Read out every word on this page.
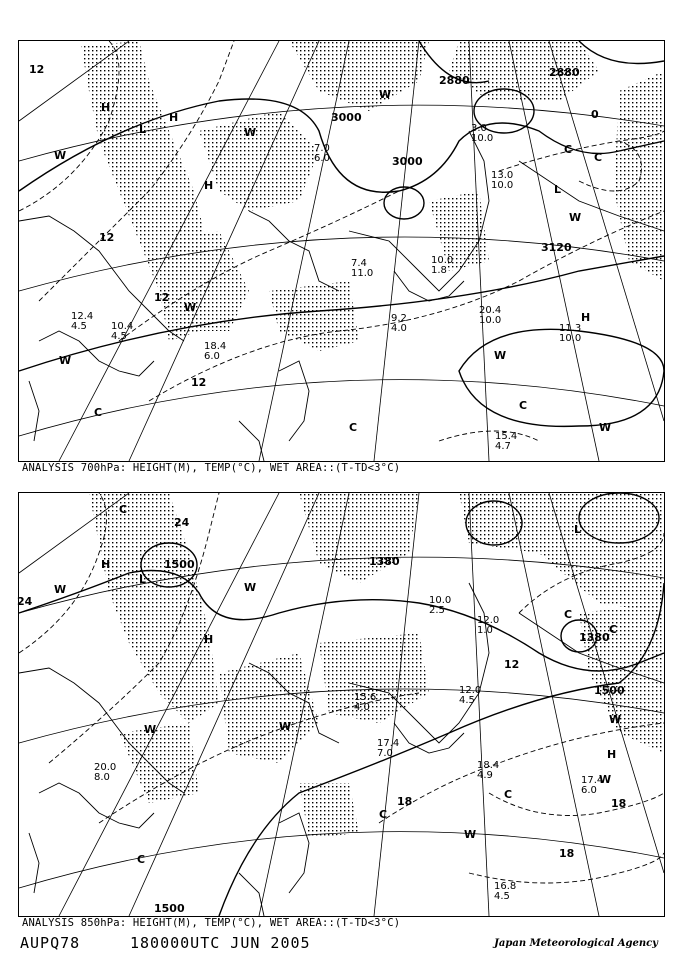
2880
2880
3000
3000
3120
12
12
12
12
0
W
W
W
W
W
W
W
W
C
C
C
C
C
L
L
H
H
H
H
20.4
10.0
11.3
10.0
15.4
4.7
12.4
4.5
18.4
6.0
10.4
4.5
9.2
4.0
7.4
11.0
10.0
1.8
7.0
6.0
3.0
10.0
13.0
10.0
ANALYSIS 700hPa: HEIGHT(M), TEMP(°C), WET AREA::(T-TD<3°C)
1500
1500
1500
1380
1380
18
18
18
12
24
24
W	W
W
W
W
W
W
C
C
C
C
C
C
L
L
H
H
H
18.4
4.9	17.4
6.0
16.8
4.5
20.0
8.0
17.4
7.0
15.6
4.0
12.0
4.5
10.0
2.5
12.0
1.0
ANALYSIS 850hPa: HEIGHT(M), TEMP(°C), WET AREA::(T-TD<3°C)
AUPQ78	180000UTC JUN 2005	Japan Meteorological Agency
